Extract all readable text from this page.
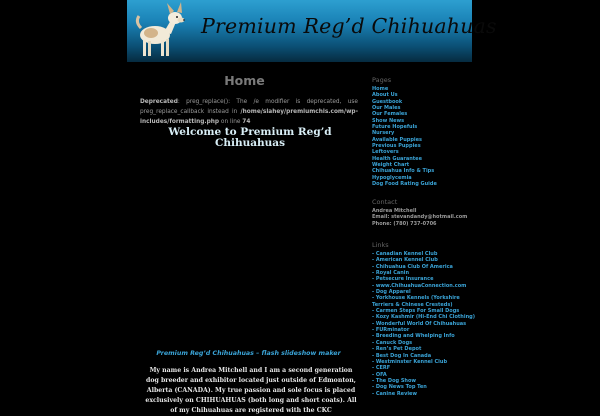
Premium Reg’d Chihuahuas
Home
Deprecated: preg_replace(): The /e modifier is deprecated, use preg_replace_callback instead in /home/slahey/premiumchis.com/wp-includes/formatting.php on line 74
Welcome to Premium Reg’d Chihuahuas
Premium Reg’d Chihuahuas – flash slideshow maker
My name is Andrea Mitchell and I am a second generation dog breeder and exhibitor located just outside of Edmonton, Alberta (CANADA). My true passion and sole focus is placed exclusively on CHIHUAHUAS (both long and short coats). All of my Chihuahuas are registered with the CKC
Pages
Home
About Us
Guestbook
Our Males
Our Females
Show News
Future Hopefuls
Nursery
Available Puppies
Previous Puppies
Leftovers
Health Guarantee
Weight Chart
Chihuahua Info & Tips
Hypoglycemia
Dog Food Rating Guide
Contact
Andrea Mitchell
Email: stevandandy@hotmail.com
Phone: (780) 737-0706
Links
- Canadian Kennel Club
- American Kennel Club
- Chihuahua Club Of America
- Royal Canin
- Petsecure Insurance
- www.ChihuahuaConnection.com
- Dog Apparel
- Yorkhouse Kennels (Yorkshire
Terriers & Chinese Cresteds)
- Carmen Steps For Small Dogs
- Kozy Kashmir (Hi-End Chi Clothing)
- Wonderful World Of Chihuahuas
- FURminator
- Breeding and Whelping Info
- Canuck Dogs
- Ren’s Pet Depot
- Best Dog In Canada
- Westminster Kennel Club
- CERF
- OFA
- The Dog Show
- Dog News Top Ten
- Canine Review
